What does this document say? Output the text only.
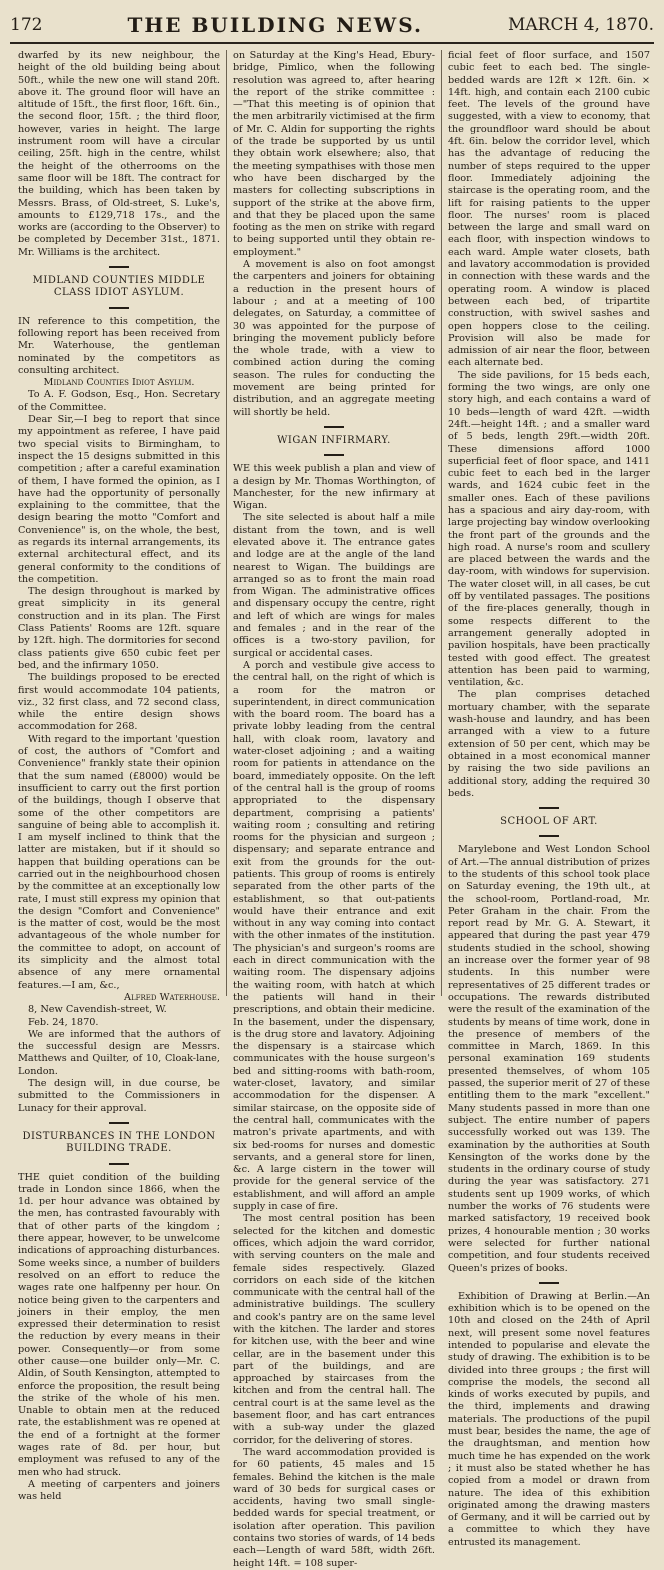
172	THE BUILDING NEWS.	MARCH 4, 1870.

dwarfed by its new neighbour, the height of the old building being about 50ft., while the new one will stand 20ft. above it. The ground floor will have an altitude of 15ft., the first floor, 16ft. 6in., the second floor, 15ft. ; the third floor, however, varies in height. The large instrument room will have a circular ceiling, 25ft. high in the centre, whilst the height of the otherrooms on the same floor will be 18ft. The contract for the building, which has been taken by Messrs. Brass, of Old-street, S. Luke's, amounts to £129,718 17s., and the works are (according to the Observer) to be completed by December 31st., 1871. Mr. Williams is the architect.

MIDLAND COUNTIES MIDDLE CLASS IDIOT ASYLUM.

IN reference to this competition, the following report has been received from Mr. Waterhouse, the gentleman nominated by the competitors as consulting architect.

Midland Counties Idiot Asylum.

To A. F. Godson, Esq., Hon. Secretary of the Committee.

Dear Sir,—I beg to report that since my appointment as referee, I have paid two special visits to Birmingham, to inspect the 15 designs submitted in this competition ; after a careful examination of them, I have formed the opinion, as I have had the opportunity of personally explaining to the committee, that the design bearing the motto "Comfort and Convenience" is, on the whole, the best, as regards its internal arrangements, its external architectural effect, and its general conformity to the conditions of the competition.

The design throughout is marked by great simplicity in its general construction and in its plan. The First Class Patients' Rooms are 12ft. square by 12ft. high. The dormitories for second class patients give 650 cubic feet per bed, and the infirmary 1050.

The buildings proposed to be erected first would accommodate 104 patients, viz., 32 first class, and 72 second class, while the entire design shows accommodation for 268.

With regard to the important 'question of cost, the authors of "Comfort and Convenience" frankly state their opinion that the sum named (£8000) would be insufficient to carry out the first portion of the buildings, though I observe that some of the other competitors are sanguine of being able to accomplish it. I am myself inclined to think that the latter are mistaken, but if it should so happen that building operations can be carried out in the neighbourhood chosen by the committee at an exceptionally low rate, I must still express my opinion that the design "Comfort and Convenience" is the matter of cost, would be the most advantageous of the whole number for the committee to adopt, on account of its simplicity and the almost total absence of any mere ornamental features.—I am, &c.,

Alfred Waterhouse.

8, New Cavendish-street, W.

Feb. 24, 1870.

We are informed that the authors of the successful design are Messrs. Matthews and Quilter, of 10, Cloak-lane, London.

The design will, in due course, be submitted to the Commissioners in Lunacy for their approval.

DISTURBANCES IN THE LONDON BUILDING TRADE.

THE quiet condition of the building trade in London since 1866, when the 1d. per hour advance was obtained by the men, has contrasted favourably with that of other parts of the kingdom ; there appear, however, to be unwelcome indications of approaching disturbances. Some weeks since, a number of builders resolved on an effort to reduce the wages rate one halfpenny per hour. On notice being given to the carpenters and joiners in their employ, the men expressed their determination to resist the reduction by every means in their power. Consequently—or from some other cause—one builder only—Mr. C. Aldin, of South Kensington, attempted to enforce the proposition, the result being the strike of the whole of his men. Unable to obtain men at the reduced rate, the establishment was re opened at the end of a fortnight at the former wages rate of 8d. per hour, but employment was refused to any of the men who had struck.

A meeting of carpenters and joiners was held

on Saturday at the King's Head, Ebury-bridge, Pimlico, when the following resolution was agreed to, after hearing the report of the strike committee :—"That this meeting is of opinion that the men arbitrarily victimised at the firm of Mr. C. Aldin for supporting the rights of the trade be supported by us until they obtain work elsewhere; also, that the meeting sympathises with those men who have been discharged by the masters for collecting subscriptions in support of the strike at the above firm, and that they be placed upon the same footing as the men on strike with regard to being supported until they obtain re-employment."

A movement is also on foot amongst the carpenters and joiners for obtaining a reduction in the present hours of labour ; and at a meeting of 100 delegates, on Saturday, a committee of 30 was appointed for the purpose of bringing the movement publicly before the whole trade, with a view to combined action during the coming season. The rules for conducting the movement are being printed for distribution, and an aggregate meeting will shortly be held.

WIGAN INFIRMARY.

WE this week publish a plan and view of a design by Mr. Thomas Worthington, of Manchester, for the new infirmary at Wigan.

The site selected is about half a mile distant from the town, and is well elevated above it. The entrance gates and lodge are at the angle of the land nearest to Wigan. The buildings are arranged so as to front the main road from Wigan. The administrative offices and dispensary occupy the centre, right and left of which are wings for males and females ; and in the rear of the offices is a two-story pavilion, for surgical or accidental cases.

A porch and vestibule give access to the central hall, on the right of which is a room for the matron or superintendent, in direct communication with the board room. The board has a private lobby leading from the central hall, with cloak room, lavatory and water-closet adjoining ; and a waiting room for patients in attendance on the board, immediately opposite. On the left of the central hall is the group of rooms appropriated to the dispensary department, comprising a patients' waiting room ; consulting and retiring rooms for the physician and surgeon ; dispensary; and separate entrance and exit from the grounds for the out-patients. This group of rooms is entirely separated from the other parts of the establishment, so that out-patients would have their entrance and exit without in any way coming into contact with the other inmates of the institution. The physician's and surgeon's rooms are each in direct communication with the waiting room. The dispensary adjoins the waiting room, with hatch at which the patients will hand in their prescriptions, and obtain their medicine. In the basement, under the dispensary, is the drug store and lavatory. Adjoining the dispensary is a staircase which communicates with the house surgeon's bed and sitting-rooms with bath-room, water-closet, lavatory, and similar accommodation for the dispenser. A similar staircase, on the opposite side of the central hall, communicates with the matron's private apartments, and with six bed-rooms for nurses and domestic servants, and a general store for linen, &c. A large cistern in the tower will provide for the general service of the establishment, and will afford an ample supply in case of fire.

The most central position has been selected for the kitchen and domestic offices, which adjoin the ward corridor, with serving counters on the male and female sides respectively. Glazed corridors on each side of the kitchen communicate with the central hall of the administrative buildings. The scullery and cook's pantry are on the same level with the kitchen. The larder and stores for kitchen use, with the beer and wine cellar, are in the basement under this part of the buildings, and are approached by staircases from the kitchen and from the central hall. The central court is at the same level as the basement floor, and has cart entrances with a sub-way under the glazed corridor, for the delivering of stores.

The ward accommodation provided is for 60 patients, 45 males and 15 females. Behind the kitchen is the male ward of 30 beds for surgical cases or accidents, having two small single-bedded wards for special treatment, or isolation after operation. This pavilion contains two stories of wards, of 14 beds each—Length of ward 58ft, width 26ft. height 14ft. = 108 super-

ficial feet of floor surface, and 1507 cubic feet to each bed. The single-bedded wards are 12ft × 12ft. 6in. × 14ft. high, and contain each 2100 cubic feet. The levels of the ground have suggested, with a view to economy, that the groundfloor ward should be about 4ft. 6in. below the corridor level, which has the advantage of reducing the number of steps required to the upper floor. Immediately adjoining the staircase is the operating room, and the lift for raising patients to the upper floor. The nurses' room is placed between the large and small ward on each floor, with inspection windows to each ward. Ample water closets, bath and lavatory accommodation is provided in connection with these wards and the operating room. A window is placed between each bed, of tripartite construction, with swivel sashes and open hoppers close to the ceiling. Provision will also be made for admission of air near the floor, between each alternate bed.

The side pavilions, for 15 beds each, forming the two wings, are only one story high, and each contains a ward of 10 beds—length of ward 42ft. —width 24ft.—height 14ft. ; and a smaller ward of 5 beds, length 29ft.—width 20ft. These dimensions afford 1000 superficial feet of floor space, and 1411 cubic feet to each bed in the larger wards, and 1624 cubic feet in the smaller ones. Each of these pavilions has a spacious and airy day-room, with large projecting bay window overlooking the front part of the grounds and the high road. A nurse's room and scullery are placed between the wards and the day-room, with windows for supervision. The water closet will, in all cases, be cut off by ventilated passages. The positions of the fire-places generally, though in some respects different to the arrangement generally adopted in pavilion hospitals, have been practically tested with good effect. The greatest attention has been paid to warming, ventilation, &c.

The plan comprises detached mortuary chamber, with the separate wash-house and laundry, and has been arranged with a view to a future extension of 50 per cent, which may be obtained in a most economical manner by raising the two side pavilions an additional story, adding the required 30 beds.

SCHOOL OF ART.

Marylebone and West London School of Art.—The annual distribution of prizes to the students of this school took place on Saturday evening, the 19th ult., at the school-room, Portland-road, Mr. Peter Graham in the chair. From the report read by Mr. G. A. Stewart, it appeared that during the past year 479 students studied in the school, showing an increase over the former year of 98 students. In this number were representatives of 25 different trades or occupations. The rewards distributed were the result of the examination of the students by means of time work, done in the presence of members of the committee in March, 1869. In this personal examination 169 students presented themselves, of whom 105 passed, the superior merit of 27 of these entitling them to the mark "excellent." Many students passed in more than one subject. The entire number of papers successfully worked out was 139. The examination by the authorities at South Kensington of the works done by the students in the ordinary course of study during the year was satisfactory. 271 students sent up 1909 works, of which number the works of 76 students were marked satisfactory, 19 received book prizes, 4 honourable mention ; 30 works were selected for further national competition, and four students received Queen's prizes of books.

Exhibition of Drawing at Berlin.—An exhibition which is to be opened on the 10th and closed on the 24th of April next, will present some novel features intended to popularise and elevate the study of drawing. The exhibition is to be divided into three groups ; the first will comprise the models, the second all kinds of works executed by pupils, and the third, implements and drawing materials. The productions of the pupil must bear, besides the name, the age of the draughtsman, and mention how much time he has expended on the work ; it must also be stated whether he has copied from a model or drawn from nature. The idea of this exhibition originated among the drawing masters of Germany, and it will be carried out by a committee to which they have entrusted its management.
